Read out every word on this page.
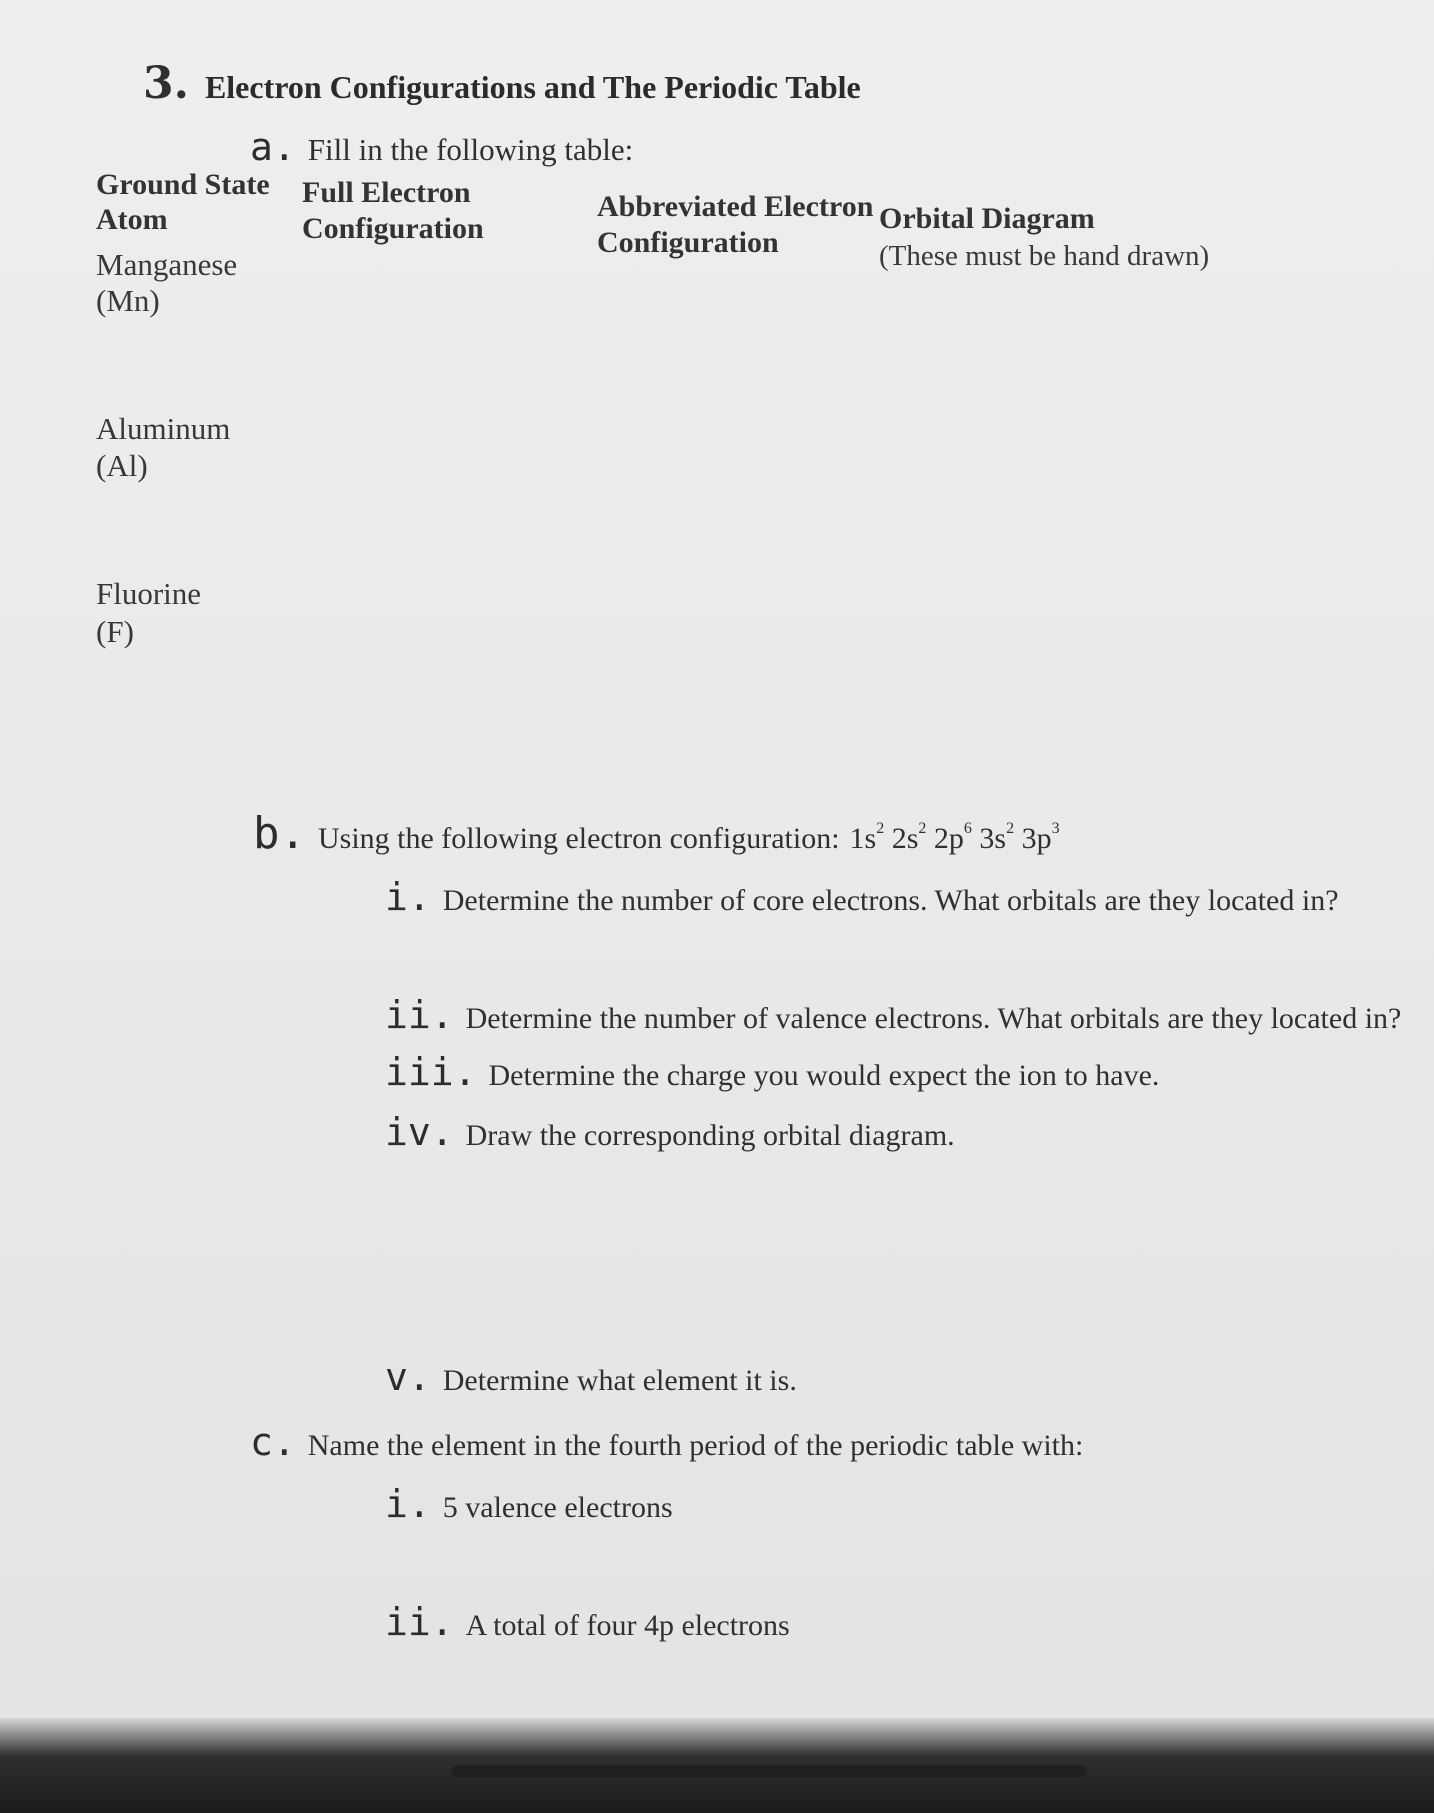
3. Electron Configurations and The Periodic Table
a. Fill in the following table:
Ground State
Atom
Full Electron
Configuration
Abbreviated Electron
Configuration
Orbital Diagram
(These must be hand drawn)
Manganese
(Mn)
Aluminum
(Al)
Fluorine
(F)
b. Using the following electron configuration: $1s^2$ $2s^2$ $2p^6$ $3s^2$ $3p^3$
i. Determine the number of core electrons. What orbitals are they located in?
ii. Determine the number of valence electrons. What orbitals are they located in?
iii. Determine the charge you would expect the ion to have.
iv. Draw the corresponding orbital diagram.
v. Determine what element it is.
c. Name the element in the fourth period of the periodic table with:
i. 5 valence electrons
ii. A total of four 4p electrons
